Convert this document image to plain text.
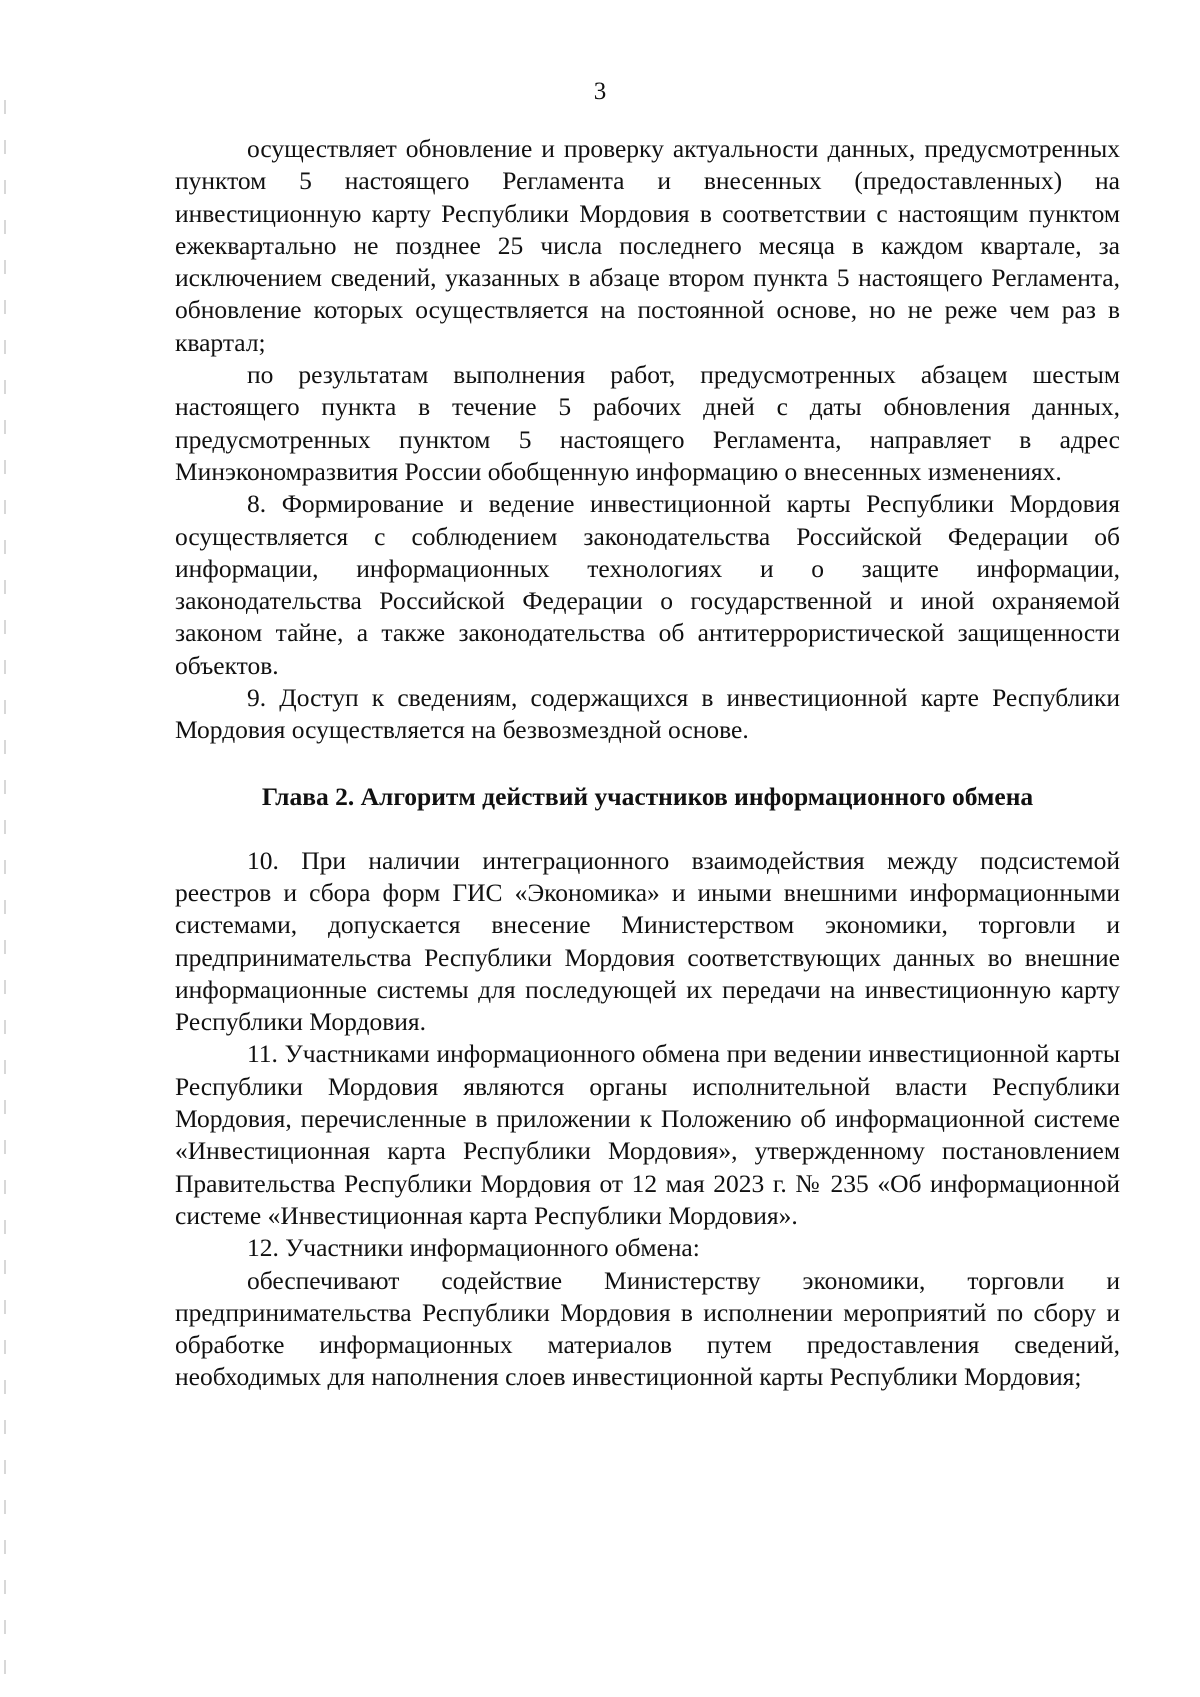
3

осуществляет обновление и проверку актуальности данных, предусмотренных пунктом 5 настоящего Регламента и внесенных (предоставленных) на инвестиционную карту Республики Мордовия в соответствии с настоящим пунктом ежеквартально не позднее 25 числа последнего месяца в каждом квартале, за исключением сведений, указанных в абзаце втором пункта 5 настоящего Регламента, обновление которых осуществляется на постоянной основе, но не реже чем раз в квартал;

по результатам выполнения работ, предусмотренных абзацем шестым настоящего пункта в течение 5 рабочих дней с даты обновления данных, предусмотренных пунктом 5 настоящего Регламента, направляет в адрес Минэкономразвития России обобщенную информацию о внесенных изменениях.

8. Формирование и ведение инвестиционной карты Республики Мордовия осуществляется с соблюдением законодательства Российской Федерации об информации, информационных технологиях и о защите информации, законодательства Российской Федерации о государственной и иной охраняемой законом тайне, а также законодательства об антитеррористической защищенности объектов.

9. Доступ к сведениям, содержащихся в инвестиционной карте Республики Мордовия осуществляется на безвозмездной основе.

Глава 2. Алгоритм действий участников информационного обмена

10. При наличии интеграционного взаимодействия между подсистемой реестров и сбора форм ГИС «Экономика» и иными внешними информационными системами, допускается внесение Министерством экономики, торговли и предпринимательства Республики Мордовия соответствующих данных во внешние информационные системы для последующей их передачи на инвестиционную карту Республики Мордовия.

11. Участниками информационного обмена при ведении инвестиционной карты Республики Мордовия являются органы исполнительной власти Республики Мордовия, перечисленные в приложении к Положению об информационной системе «Инвестиционная карта Республики Мордовия», утвержденному постановлением Правительства Республики Мордовия от 12 мая 2023 г. № 235 «Об информационной системе «Инвестиционная карта Республики Мордовия».

12. Участники информационного обмена:

обеспечивают содействие Министерству экономики, торговли и предпринимательства Республики Мордовия в исполнении мероприятий по сбору и обработке информационных материалов путем предоставления сведений, необходимых для наполнения слоев инвестиционной карты Республики Мордовия;
